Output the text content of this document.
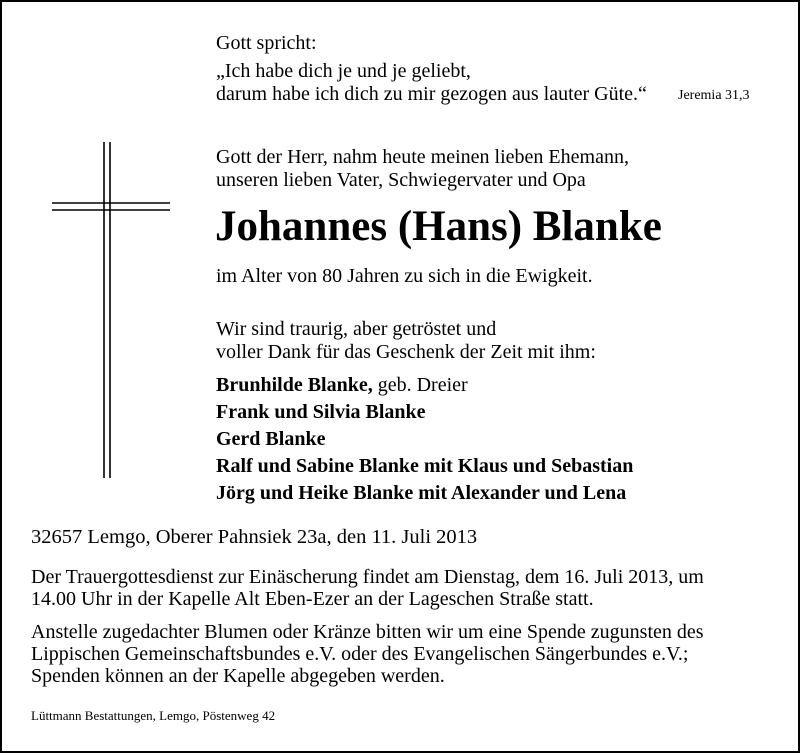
Gott spricht:

„Ich habe dich je und je geliebt,

darum habe ich dich zu mir gezogen aus lauter Güte.“ Jeremia 31,3

Gott der Herr, nahm heute meinen lieben Ehemann,

unseren lieben Vater, Schwiegervater und Opa

Johannes (Hans) Blanke

im Alter von 80 Jahren zu sich in die Ewigkeit.

Wir sind traurig, aber getröstet und

voller Dank für das Geschenk der Zeit mit ihm:

Brunhilde Blanke, geb. Dreier

Frank und Silvia Blanke

Gerd Blanke

Ralf und Sabine Blanke mit Klaus und Sebastian

Jörg und Heike Blanke mit Alexander und Lena

32657 Lemgo, Oberer Pahnsiek 23a, den 11. Juli 2013

Der Trauergottesdienst zur Einäscherung findet am Dienstag, dem 16. Juli 2013, um

14.00 Uhr in der Kapelle Alt Eben-Ezer an der Lageschen Straße statt.

Anstelle zugedachter Blumen oder Kränze bitten wir um eine Spende zugunsten des

Lippischen Gemeinschaftsbundes e.V. oder des Evangelischen Sängerbundes e.V.;

Spenden können an der Kapelle abgegeben werden.

Lüttmann Bestattungen, Lemgo, Pöstenweg 42
